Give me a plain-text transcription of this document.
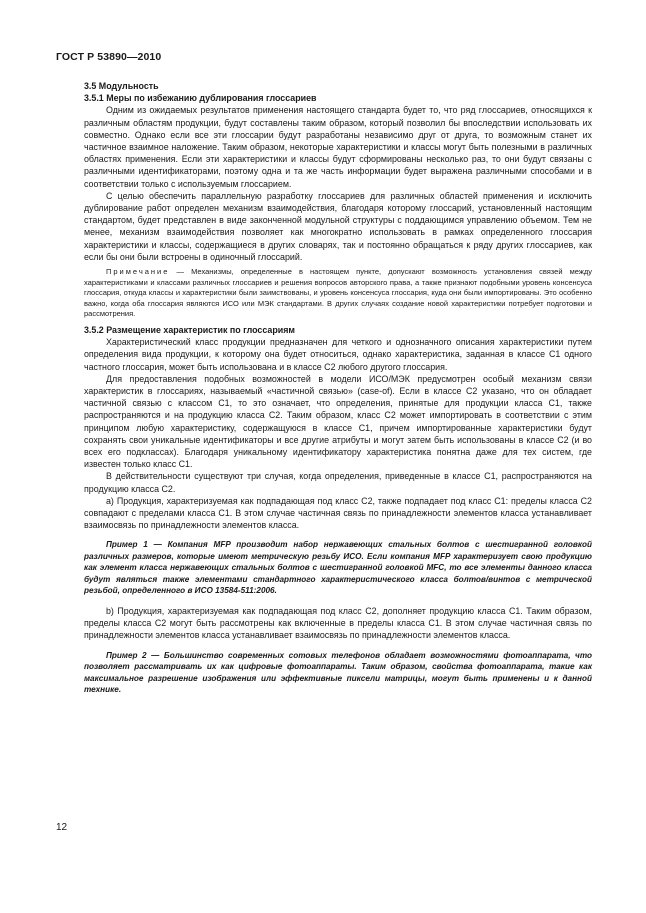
ГОСТ Р 53890—2010
3.5 Модульность
3.5.1 Меры по избежанию дублирования глоссариев

Одним из ожидаемых результатов применения настоящего стандарта будет то, что ряд глоссариев, относящихся к различным областям продукции, будут составлены таким образом, который позволил бы впоследствии использовать их совместно. Однако если все эти глоссарии будут разработаны независимо друг от друга, то возможным станет их частичное взаимное наложение. Таким образом, некоторые характеристики и классы могут быть полезными в различных областях применения. Если эти характеристики и классы будут сформированы несколько раз, то они будут связаны с различными идентификаторами, поэтому одна и та же часть информации будет выражена различными способами и в соответствии только с используемым глоссарием.

С целью обеспечить параллельную разработку глоссариев для различных областей применения и исключить дублирование работ определен механизм взаимодействия, благодаря которому глоссарий, установленный настоящим стандартом, будет представлен в виде законченной модульной структуры с поддающимся управлению объемом. Тем не менее, механизм взаимодействия позволяет как многократно использовать в рамках определенного глоссария характеристики и классы, содержащиеся в других словарях, так и постоянно обращаться к ряду других глоссариев, как если бы они были встроены в одиночный глоссарий.

Примечание — Механизмы, определенные в настоящем пункте, допускают возможность установления связей между характеристиками и классами различных глоссариев и решения вопросов авторского права, а также признают подобными уровень консенсуса глоссария, откуда классы и характеристики были заимствованы, и уровень консенсуса глоссария, куда они были импортированы. Это особенно важно, когда оба глоссария являются ИСО или МЭК стандартами. В других случаях создание новой характеристики потребует подготовки и рассмотрения.

3.5.2 Размещение характеристик по глоссариям

Характеристический класс продукции предназначен для четкого и однозначного описания характеристики путем определения вида продукции, к которому она будет относиться, однако характеристика, заданная в классе С1 одного частного глоссария, может быть использована и в классе С2 любого другого глоссария.

Для предоставления подобных возможностей в модели ИСО/МЭК предусмотрен особый механизм связи характеристик в глоссариях, называемый «частичной связью» (case-of). Если в классе С2 указано, что он обладает частичной связью с классом С1, то это означает, что определения, принятые для продукции класса С1, также распространяются и на продукцию класса С2. Таким образом, класс С2 может импортировать в соответствии с этим принципом любую характеристику, содержащуюся в классе С1, причем импортированные характеристики будут сохранять свои уникальные идентификаторы и все другие атрибуты и могут затем быть использованы в классе С2 (и во всех его подклассах). Благодаря уникальному идентификатору характеристика понятна даже для тех систем, где известен только класс С1.

В действительности существуют три случая, когда определения, приведенные в классе С1, распространяются на продукцию класса С2.

a) Продукция, характеризуемая как подпадающая под класс С2, также подпадает под класс С1: пределы класса С2 совпадают с пределами класса С1. В этом случае частичная связь по принадлежности элементов класса устанавливает взаимосвязь по принадлежности элементов класса.

Пример 1 — Компания MFP производит набор нержавеющих стальных болтов с шестигранной головкой различных размеров, которые имеют метрическую резьбу ИСО. Если компания MFP характеризует свою продукцию как элемент класса нержавеющих стальных болтов с шестигранной головкой MFC, то все элементы данного класса будут являться также элементами стандартного характеристического класса болтов/винтов с метрической резьбой, определенного в ИСО 13584-511:2006.

b) Продукция, характеризуемая как подпадающая под класс С2, дополняет продукцию класса С1. Таким образом, пределы класса С2 могут быть рассмотрены как включенные в пределы класса С1. В этом случае частичная связь по принадлежности элементов класса устанавливает взаимосвязь по принадлежности элементов класса.

Пример 2 — Большинство современных сотовых телефонов обладает возможностями фотоаппарата, что позволяет рассматривать их как цифровые фотоаппараты. Таким образом, свойства фотоаппарата, такие как максимальное разрешение изображения или эффективные пиксели матрицы, могут быть применены и к данной технике.

12
